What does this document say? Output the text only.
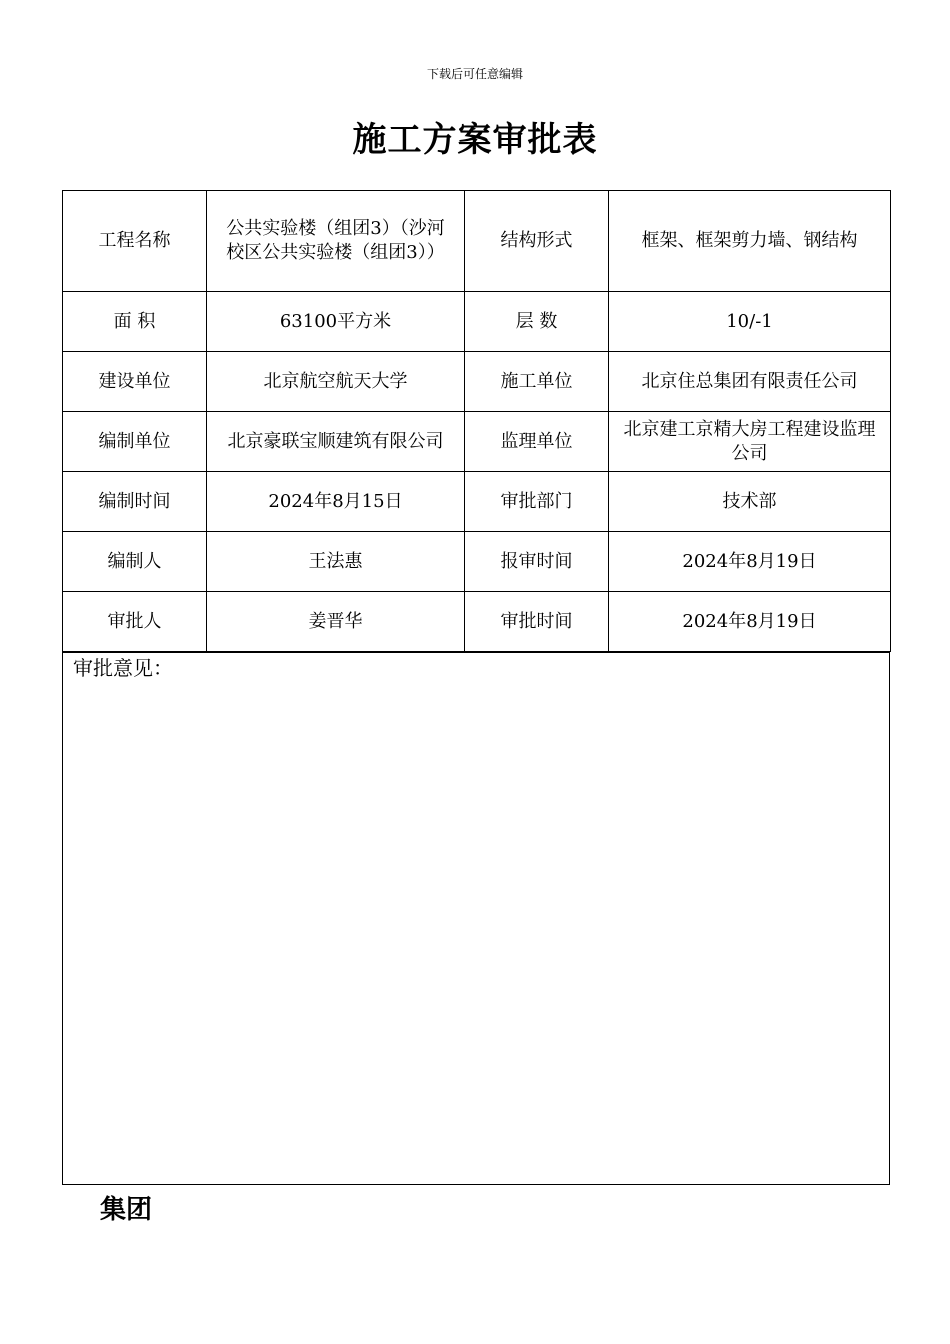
下载后可任意编辑
施工方案审批表
工程名称	公共实验楼（组团3）（沙河
校区公共实验楼（组团3））	结构形式	框架、框架剪力墙、钢结构
面 积	63100平方米	层 数	10/-1
建设单位	北京航空航天大学	施工单位	北京住总集团有限责任公司
编制单位	北京豪联宝顺建筑有限公司	监理单位	北京建工京精大房工程建设监理公司
编制时间	2024年8月15日	审批部门	技术部
编制人	王法惠	报审时间	2024年8月19日
审批人	姜晋华	审批时间	2024年8月19日
审批意见：
集团
